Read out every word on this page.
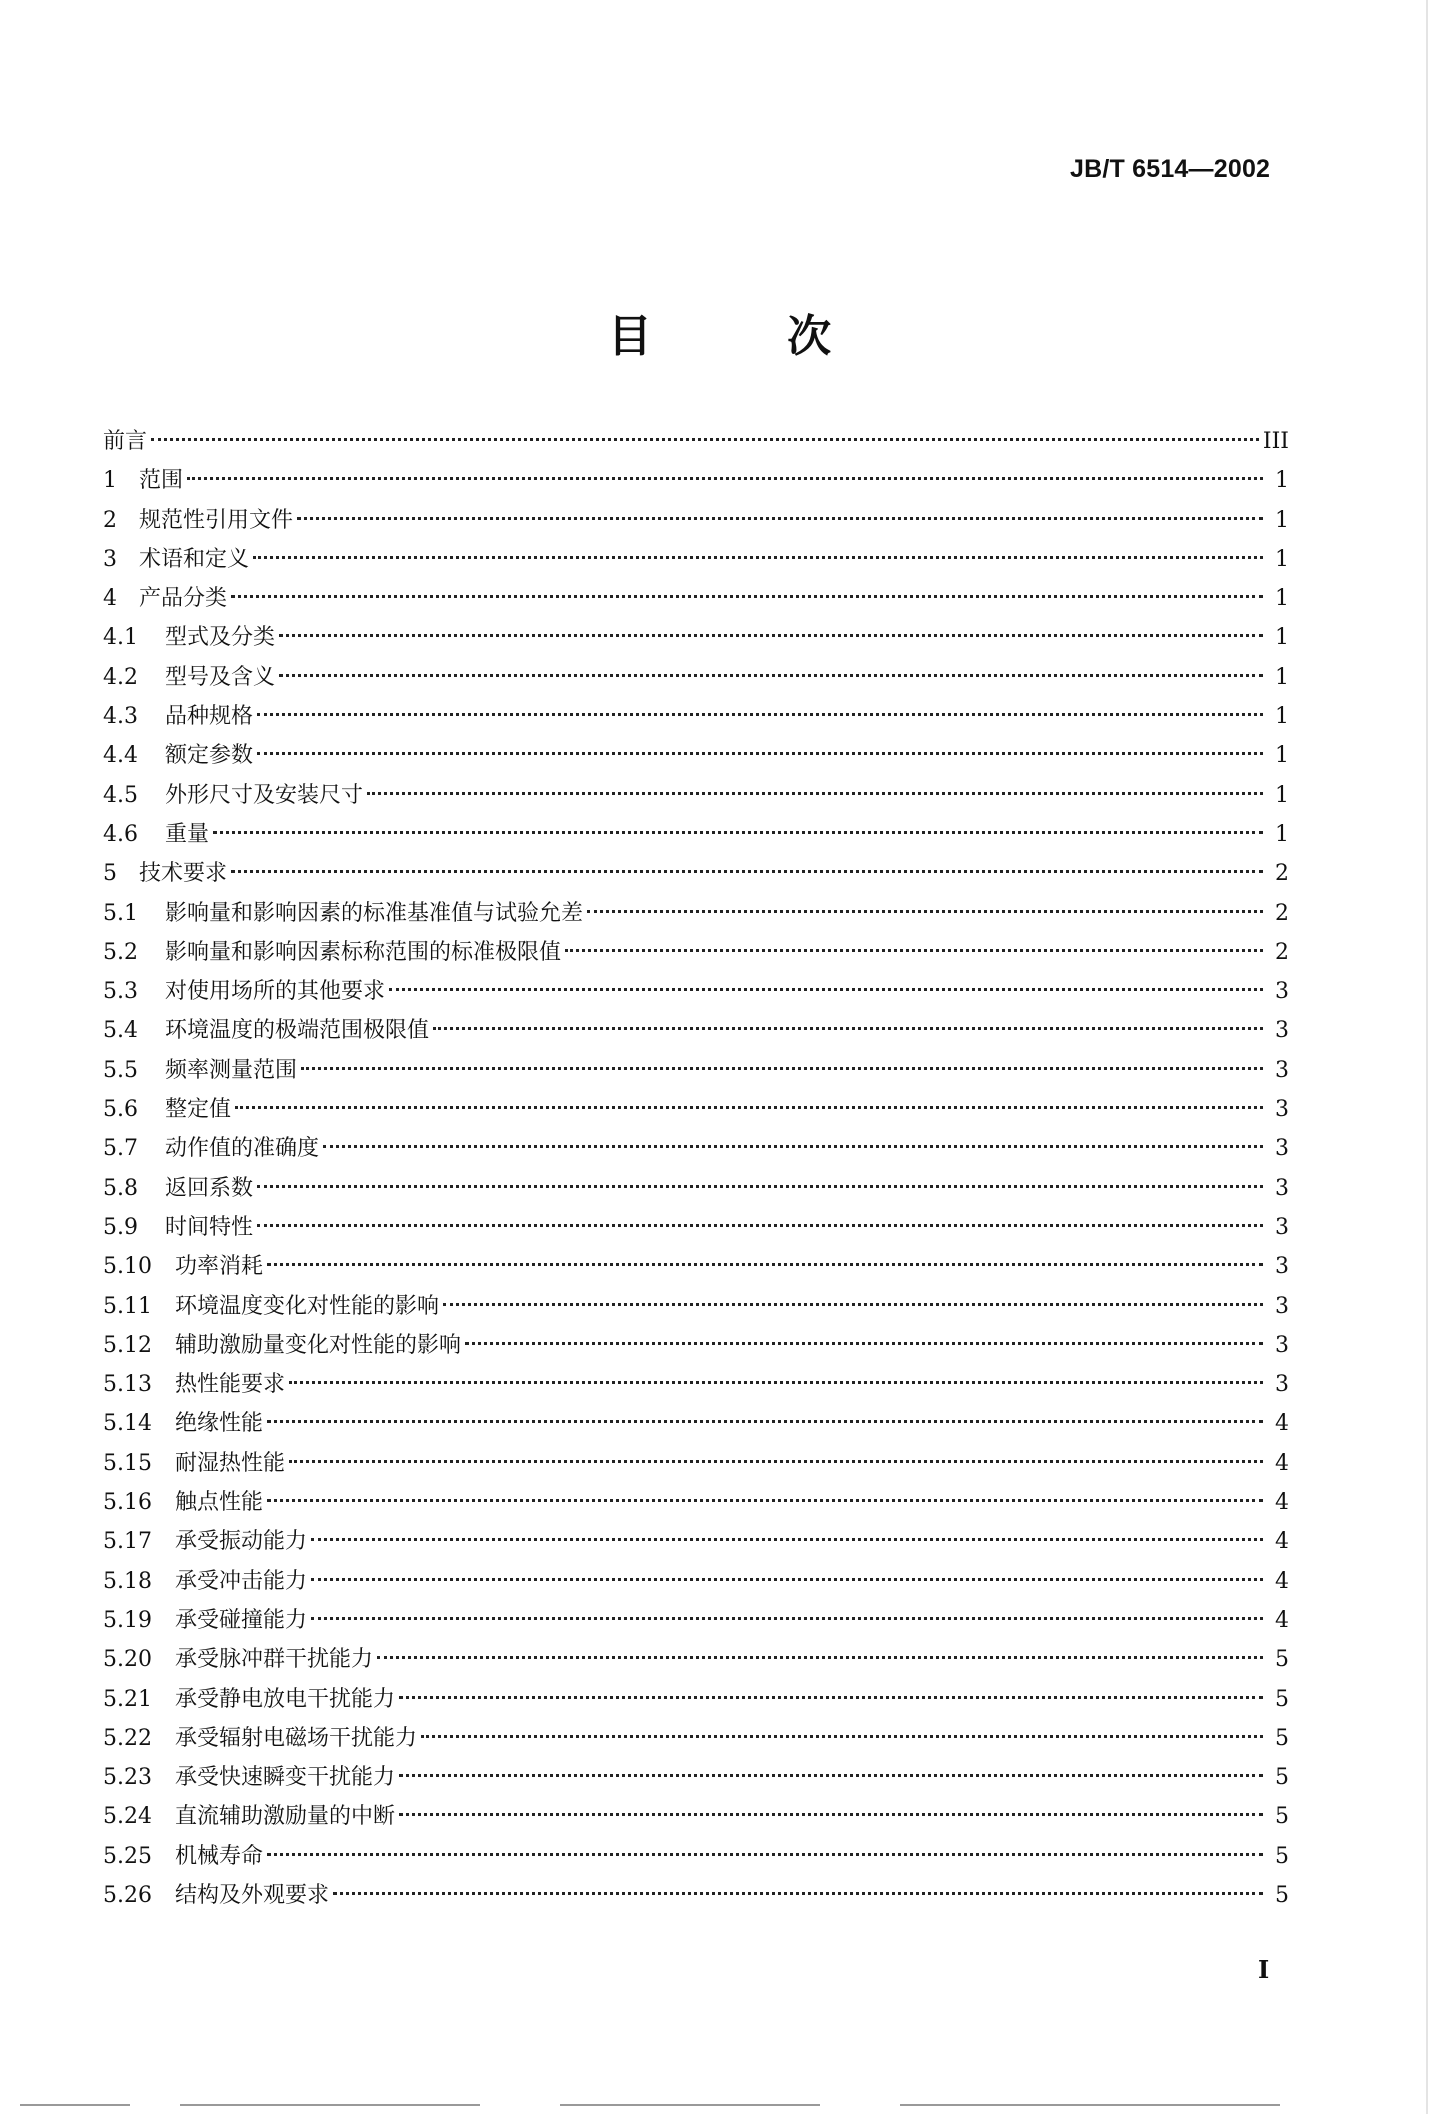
JB/T 6514—2002
目 次
前言	III
1	范围	1
2	规范性引用文件	1
3	术语和定义	1
4	产品分类	1
4.1	型式及分类	1
4.2	型号及含义	1
4.3	品种规格	1
4.4	额定参数	1
4.5	外形尺寸及安装尺寸	1
4.6	重量	1
5	技术要求	2
5.1	影响量和影响因素的标准基准值与试验允差	2
5.2	影响量和影响因素标称范围的标准极限值	2
5.3	对使用场所的其他要求	3
5.4	环境温度的极端范围极限值	3
5.5	频率测量范围	3
5.6	整定值	3
5.7	动作值的准确度	3
5.8	返回系数	3
5.9	时间特性	3
5.10	功率消耗	3
5.11	环境温度变化对性能的影响	3
5.12	辅助激励量变化对性能的影响	3
5.13	热性能要求	3
5.14	绝缘性能	4
5.15	耐湿热性能	4
5.16	触点性能	4
5.17	承受振动能力	4
5.18	承受冲击能力	4
5.19	承受碰撞能力	4
5.20	承受脉冲群干扰能力	5
5.21	承受静电放电干扰能力	5
5.22	承受辐射电磁场干扰能力	5
5.23	承受快速瞬变干扰能力	5
5.24	直流辅助激励量的中断	5
5.25	机械寿命	5
5.26	结构及外观要求	5
I
